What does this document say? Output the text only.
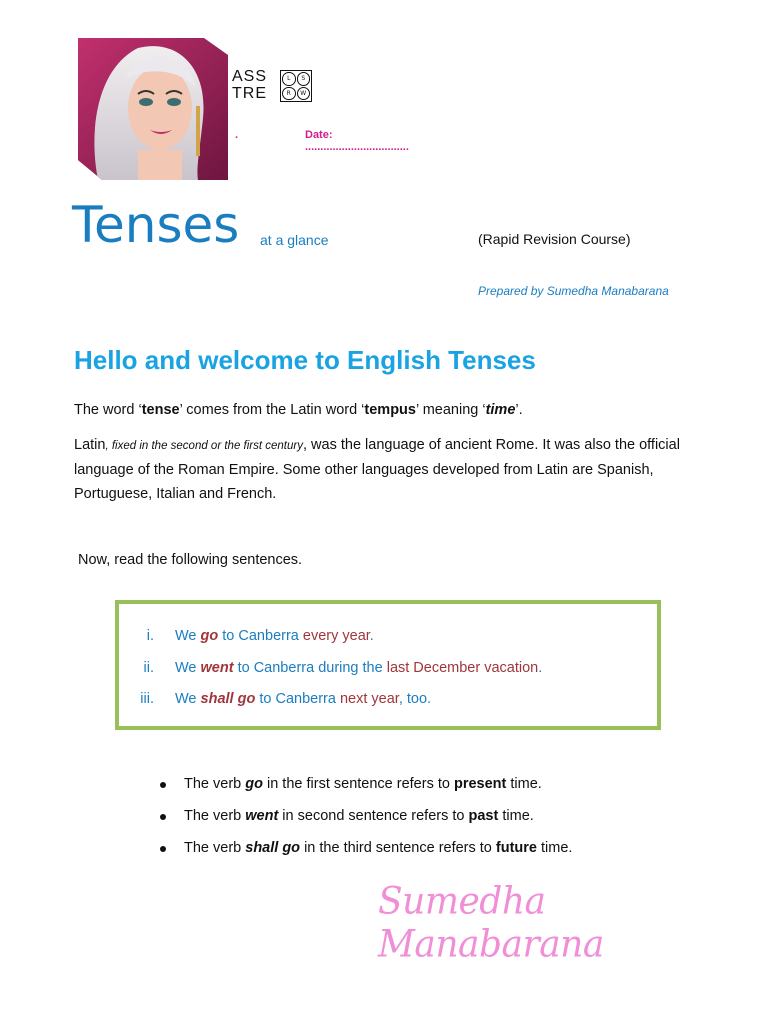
ASS
TRE
L	S
R	W
.	Date: ..................................
Tenses at a glance	(Rapid Revision Course)
Prepared by Sumedha Manabarana
Hello and welcome to English Tenses
The word ‘tense’ comes from the Latin word ‘tempus’ meaning ‘time’.
Latin, fixed in the second or the first century, was the language of ancient Rome. It was also the official language of the Roman Empire. Some other languages developed from Latin are Spanish, Portuguese, Italian and French.
Now, read the following sentences.
i. We go to Canberra every year.
ii. We went to Canberra during the last December vacation.
iii. We shall go to Canberra next year, too.
The verb go in the first sentence refers to present time.
The verb went in second sentence refers to past time.
The verb shall go in the third sentence refers to future time.
Sumedha Manabarana
